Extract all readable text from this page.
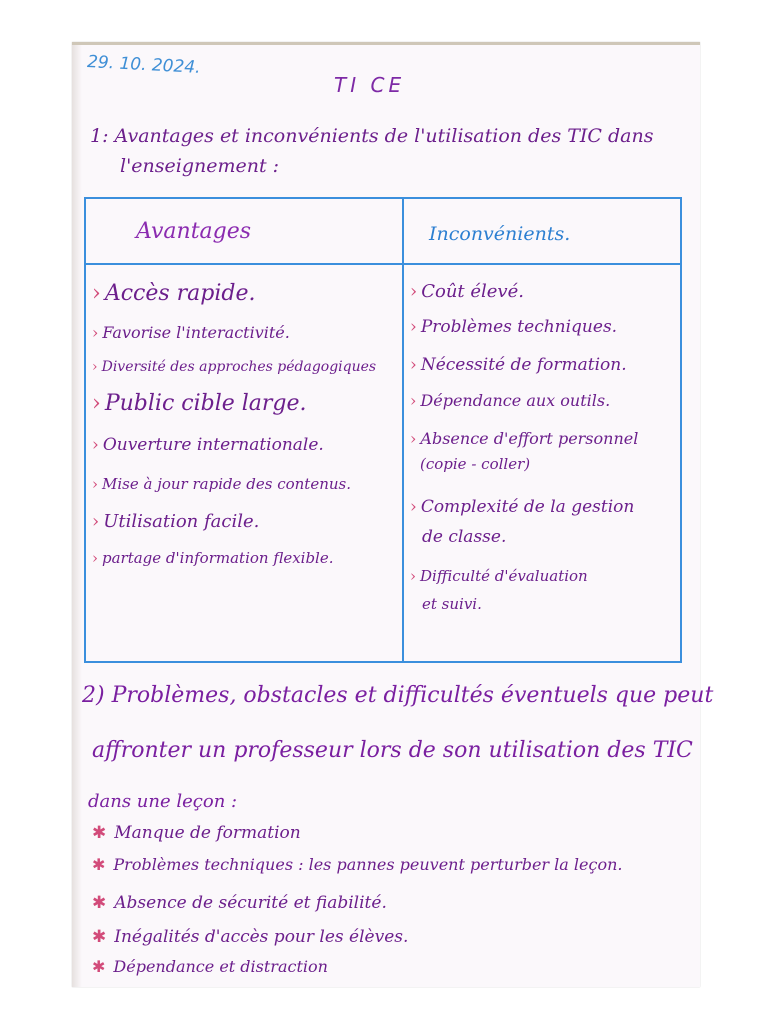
29. 10. 2024.
TI CE
1: Avantages et inconvénients de l'utilisation des TIC dans
l'enseignement :
Avantages	Inconvénients.
› Accès rapide.
› Favorise l'interactivité.
› Diversité des approches pédagogiques
› Public cible large.
› Ouverture internationale.
› Mise à jour rapide des contenus.
› Utilisation facile.
› partage d'information flexible.
› Coût élevé.
› Problèmes techniques.
› Nécessité de formation.
› Dépendance aux outils.
› Absence d'effort personnel
(copie - coller)
› Complexité de la gestion
de classe.
› Difficulté d'évaluation
et suivi.
2) Problèmes, obstacles et difficultés éventuels que peut
affronter un professeur lors de son utilisation des TIC
dans une leçon :
✱ Manque de formation
✱ Problèmes techniques : les pannes peuvent perturber la leçon.
✱ Absence de sécurité et fiabilité.
✱ Inégalités d'accès pour les élèves.
✱ Dépendance et distraction
